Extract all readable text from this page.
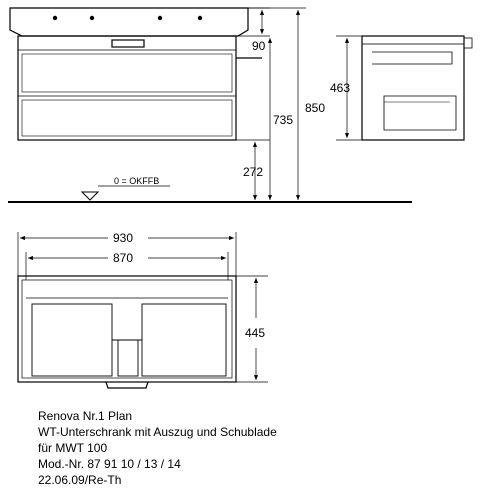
0 = OKFFB
90
850
735
272
463
930
870
445
Renova Nr.1 Plan
WT-Unterschrank mit Auszug und Schublade
für MWT 100
Mod.-Nr. 87 91 10 / 13 / 14
22.06.09/Re-Th
